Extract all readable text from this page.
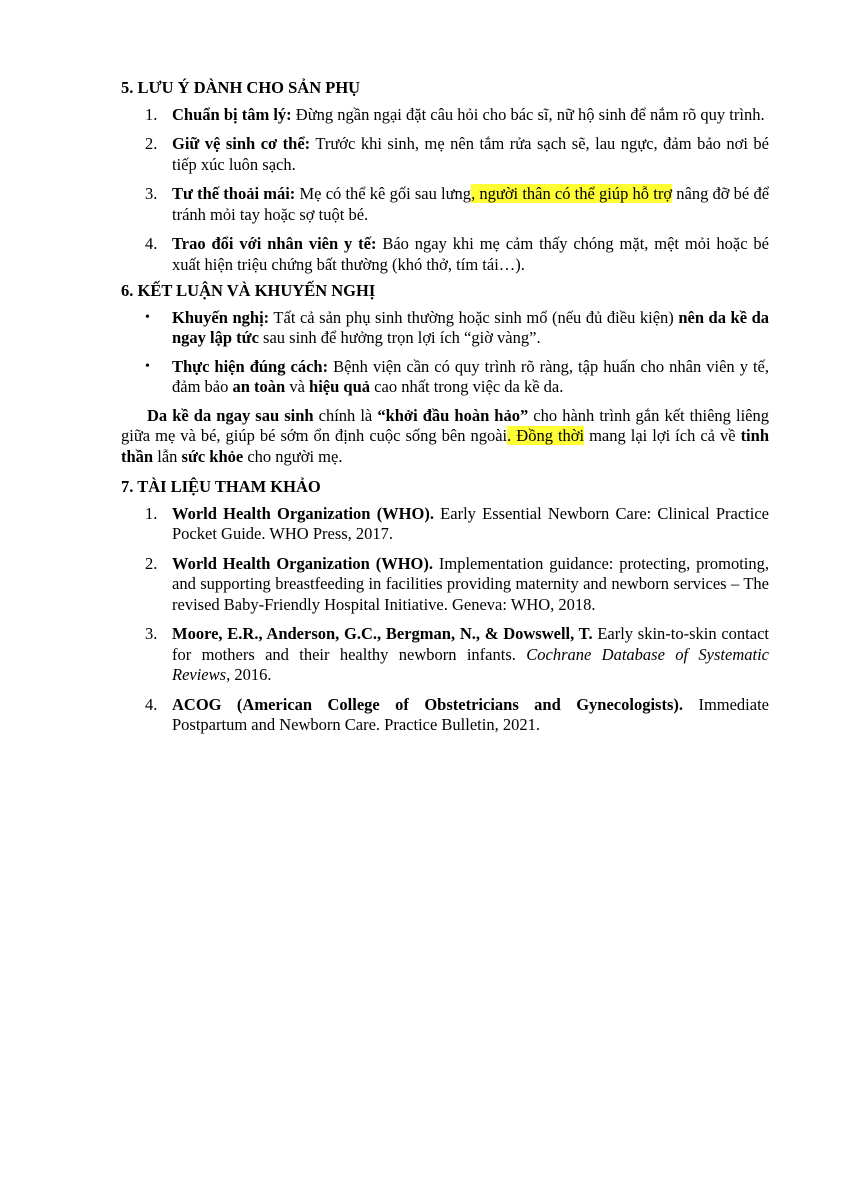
5. LƯU Ý DÀNH CHO SẢN PHỤ
1. Chuẩn bị tâm lý: Đừng ngần ngại đặt câu hỏi cho bác sĩ, nữ hộ sinh để nắm rõ quy trình.
2. Giữ vệ sinh cơ thể: Trước khi sinh, mẹ nên tắm rửa sạch sẽ, lau ngực, đảm bảo nơi bé tiếp xúc luôn sạch.
3. Tư thế thoải mái: Mẹ có thể kê gối sau lưng, người thân có thể giúp hỗ trợ nâng đỡ bé để tránh mỏi tay hoặc sợ tuột bé.
4. Trao đổi với nhân viên y tế: Báo ngay khi mẹ cảm thấy chóng mặt, mệt mỏi hoặc bé xuất hiện triệu chứng bất thường (khó thở, tím tái…).
6. KẾT LUẬN VÀ KHUYẾN NGHỊ
• Khuyến nghị: Tất cả sản phụ sinh thường hoặc sinh mổ (nếu đủ điều kiện) nên da kề da ngay lập tức sau sinh để hưởng trọn lợi ích “giờ vàng”.
• Thực hiện đúng cách: Bệnh viện cần có quy trình rõ ràng, tập huấn cho nhân viên y tế, đảm bảo an toàn và hiệu quả cao nhất trong việc da kề da.

Da kề da ngay sau sinh chính là “khởi đầu hoàn hảo” cho hành trình gắn kết thiêng liêng giữa mẹ và bé, giúp bé sớm ổn định cuộc sống bên ngoài. Đồng thời mang lại lợi ích cả về tinh thần lẫn sức khỏe cho người mẹ.

7. TÀI LIỆU THAM KHẢO
1. World Health Organization (WHO). Early Essential Newborn Care: Clinical Practice Pocket Guide. WHO Press, 2017.
2. World Health Organization (WHO). Implementation guidance: protecting, promoting, and supporting breastfeeding in facilities providing maternity and newborn services – The revised Baby-Friendly Hospital Initiative. Geneva: WHO, 2018.
3. Moore, E.R., Anderson, G.C., Bergman, N., & Dowswell, T. Early skin-to-skin contact for mothers and their healthy newborn infants. Cochrane Database of Systematic Reviews, 2016.
4. ACOG (American College of Obstetricians and Gynecologists). Immediate Postpartum and Newborn Care. Practice Bulletin, 2021.
